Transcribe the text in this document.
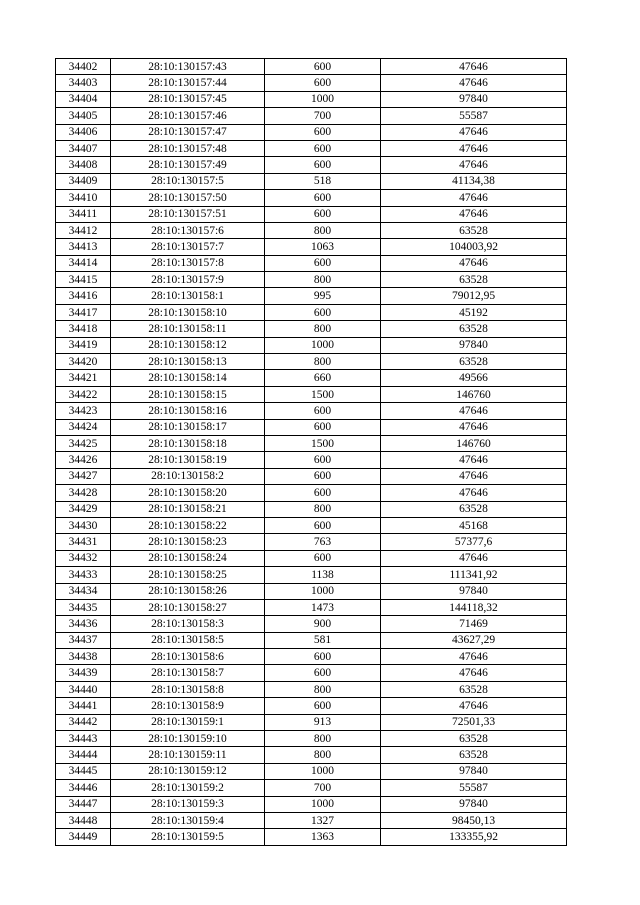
34402	28:10:130157:43	600	47646
34403	28:10:130157:44	600	47646
34404	28:10:130157:45	1000	97840
34405	28:10:130157:46	700	55587
34406	28:10:130157:47	600	47646
34407	28:10:130157:48	600	47646
34408	28:10:130157:49	600	47646
34409	28:10:130157:5	518	41134,38
34410	28:10:130157:50	600	47646
34411	28:10:130157:51	600	47646
34412	28:10:130157:6	800	63528
34413	28:10:130157:7	1063	104003,92
34414	28:10:130157:8	600	47646
34415	28:10:130157:9	800	63528
34416	28:10:130158:1	995	79012,95
34417	28:10:130158:10	600	45192
34418	28:10:130158:11	800	63528
34419	28:10:130158:12	1000	97840
34420	28:10:130158:13	800	63528
34421	28:10:130158:14	660	49566
34422	28:10:130158:15	1500	146760
34423	28:10:130158:16	600	47646
34424	28:10:130158:17	600	47646
34425	28:10:130158:18	1500	146760
34426	28:10:130158:19	600	47646
34427	28:10:130158:2	600	47646
34428	28:10:130158:20	600	47646
34429	28:10:130158:21	800	63528
34430	28:10:130158:22	600	45168
34431	28:10:130158:23	763	57377,6
34432	28:10:130158:24	600	47646
34433	28:10:130158:25	1138	111341,92
34434	28:10:130158:26	1000	97840
34435	28:10:130158:27	1473	144118,32
34436	28:10:130158:3	900	71469
34437	28:10:130158:5	581	43627,29
34438	28:10:130158:6	600	47646
34439	28:10:130158:7	600	47646
34440	28:10:130158:8	800	63528
34441	28:10:130158:9	600	47646
34442	28:10:130159:1	913	72501,33
34443	28:10:130159:10	800	63528
34444	28:10:130159:11	800	63528
34445	28:10:130159:12	1000	97840
34446	28:10:130159:2	700	55587
34447	28:10:130159:3	1000	97840
34448	28:10:130159:4	1327	98450,13
34449	28:10:130159:5	1363	133355,92
